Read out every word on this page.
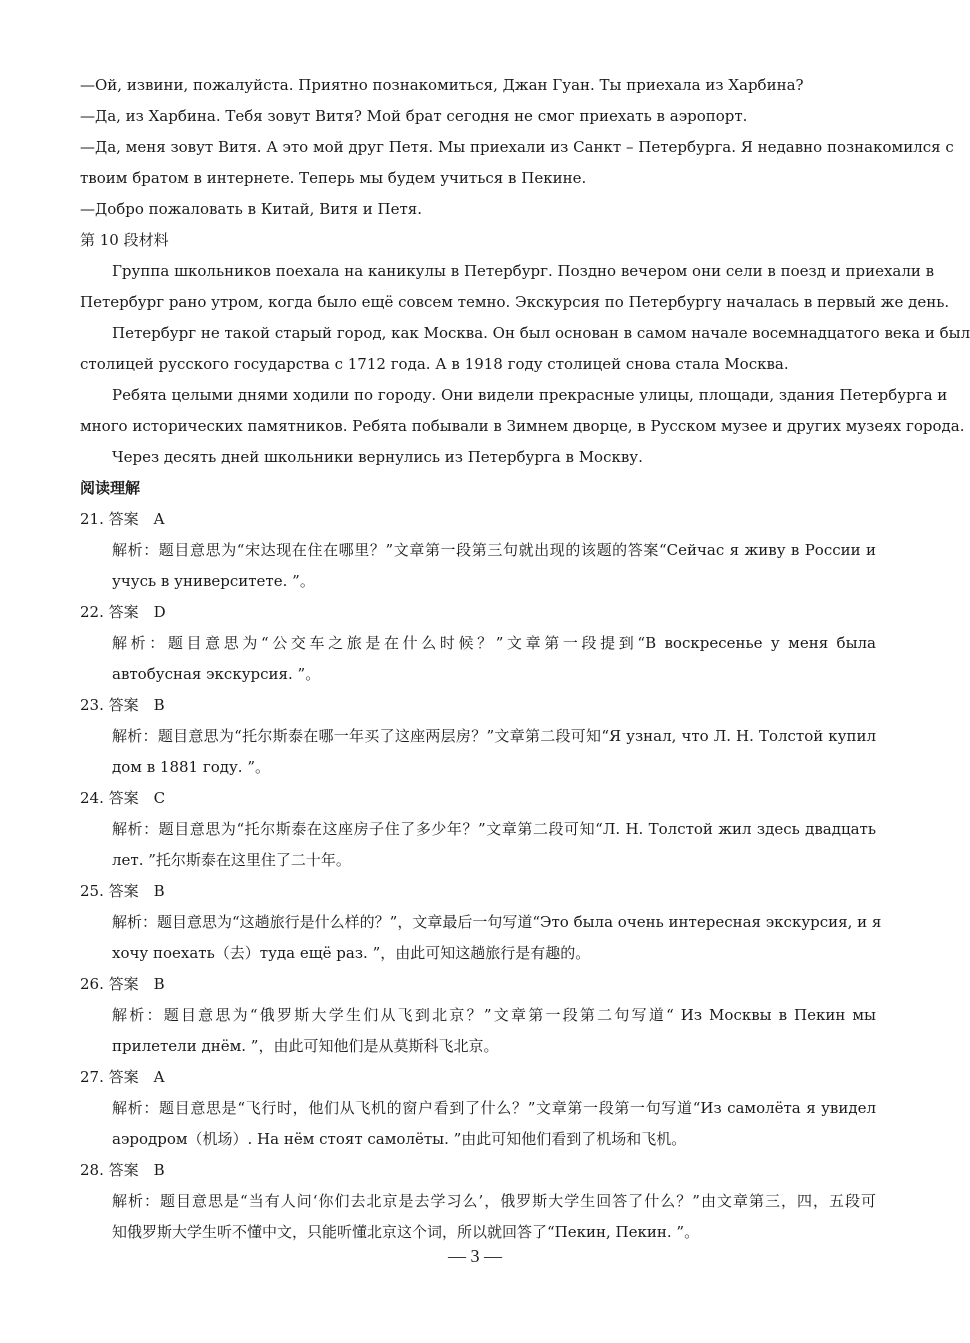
—Ой, извини, пожалуйста. Приятно познакомиться, Джан Гуан. Ты приехала из Харбина?
—Да, из Харбина. Тебя зовут Витя? Мой брат сегодня не смог приехать в аэропорт.
—Да, меня зовут Витя. А это мой друг Петя. Мы приехали из Санкт – Петербурга. Я недавно познакомился с
твоим братом в интернете. Теперь мы будем учиться в Пекине.
—Добро пожаловать в Китай, Витя и Петя.
第 10 段材料
Группа школьников поехала на каникулы в Петербург. Поздно вечером они сели в поезд и приехали в
Петербург рано утром, когда было ещё совсем темно. Экскурсия по Петербургу началась в первый же день.
Петербург не такой старый город, как Москва. Он был основан в самом начале восемнадцатого века и был
столицей русского государства с 1712 года. А в 1918 году столицей снова стала Москва.
Ребята целыми днями ходили по городу. Они видели прекрасные улицы, площади, здания Петербурга и
много исторических памятников. Ребята побывали в Зимнем дворце, в Русском музее и других музеях города.
Через десять дней школьники вернулись из Петербурга в Москву.
阅读理解
21. 答案　A
解析：题目意思为“宋达现在住在哪里？”文章第一段第三句就出现的该题的答案“Сейчас я живу в России и
учусь в университете. ”。
22. 答案　D
解析：题目意思为“公交车之旅是在什么时候？”文章第一段提到“В воскресенье у меня была
автобусная экскурсия. ”。
23. 答案　B
解析：题目意思为“托尔斯泰在哪一年买了这座两层房？”文章第二段可知“Я узнал, что Л. Н. Толстой купил
дом в 1881 году. ”。
24. 答案　C
解析：题目意思为“托尔斯泰在这座房子住了多少年？”文章第二段可知“Л. Н. Толстой жил здесь двадцать
лет. ”托尔斯泰在这里住了二十年。
25. 答案　B
解析：题目意思为“这趟旅行是什么样的？”，文章最后一句写道“Это была очень интересная экскурсия, и я
хочу поехать（去）туда ещё раз. ”，由此可知这趟旅行是有趣的。
26. 答案　B
解析：题目意思为“俄罗斯大学生们从飞到北京？”文章第一段第二句写道“ Из Москвы в Пекин мы
прилетели днём. ”，由此可知他们是从莫斯科飞北京。
27. 答案　A
解析：题目意思是“飞行时，他们从飞机的窗户看到了什么？”文章第一段第一句写道“Из самолёта я увидел
аэродром（机场）. На нём стоят самолёты. ”由此可知他们看到了机场和飞机。
28. 答案　B
解析：题目意思是“当有人问‘你们去北京是去学习么’，俄罗斯大学生回答了什么？”由文章第三，四，五段可
知俄罗斯大学生听不懂中文，只能听懂北京这个词，所以就回答了“Пекин, Пекин. ”。
— 3 —
